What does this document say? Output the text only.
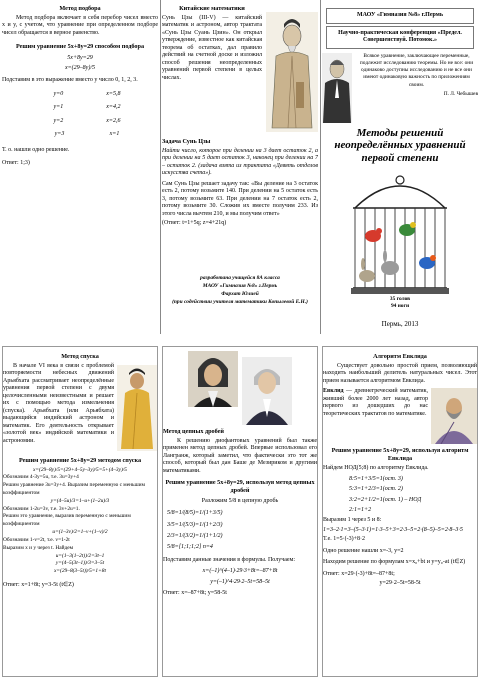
Метод подбора
Метод подбора включает в себя перебор чисел вместо х и у, с учетом, что уравнение при определенном подборе чисел обращается в верное равенство.
Решим уравнение 5х+8у=29 способом подбора
5х+8у=29
x=(29–8y)/5
Подставим в это выражение вместо у число 0, 1, 2, 3.
y=0	x=5,8
y=1	x=4,2
y=2	x=2,6
y=3	x=1
Т. о. нашли одно решение.
Ответ: 1;3)
Китайские математики
Сунь Цзы (III-V) — китайский математик и астроном, автор трактата «Сунь Цзы Суань Цзин». Он открыл утверждение, известное как китайская теорема об остатках, дал правило действий на счетной доске и изложил способ решения неопределенных уравнений первой степени в целых числах.
Задача Сунь Цзы
Найти число, которое при делении на 3 дает остаток 2, а при делении на 5 дает остаток 3, наконец при делении на 7 – остаток 2. (задача взята из трактата «Девять отделов искусства счета»).
Сам Сунь Цзы решает задачу так: «Вы деление на 3 остаток есть 2, потому возьмите 140. При делении на 5 остаток есть 3, потому возьмите 63. При делении на 7 остаток есть 2, потому возьмите 30. Сложив их вместе получим 233. Из этого числа вычтем 210, и мы получим ответ»
(Ответ: t=1+5q; z=4+21q)
разработана учащейся 8А класса
МАОУ «Гимназия №8» г.Пермь
Фархат Юлией
(при содействии учителя математики Копылевой Е.Н.)
МАОУ «Гимназия №8» г.Пермь
Научно-практическая конференция «Предел. Совершенствуй. Потомок.»
Всякое уравнение, заключающее переменные, подлежит исследованию теоремы. Но не все: они одинаково доступны исследованию и не все они имеют одинаковую важность по приложениям своим.
П. Л. Чебышев
Методы решений неопределённых уравнений первой степени
35 голов
94 ноги
Пермь, 2013
Метод спуска
В начале VI века в связи с проблемой повторяемости небесных движений Арьябхата рассматривает неопределённые уравнения первой степени с двумя целочисленными неизвестными и решает их с помощью метода измельчения (спуска). Арьябхата (или Арьябхата) выдающийся индийский астроном и математик. Его деятельность открывает «золотой век» индийской математики и астрономии.
Решим уравнение 5х+8у=29 методом спуска
x=(29–8y)/5=(29+4–5y–3y)/5=5+(4–3y)/5
Обозначим 4-3у=5u, т.е. 3u=3у+4
Решим уравнение 3u=3у+4. Выразим переменную с меньшим коэффициентом
y=(4–5u)/3=1–u+(1–2u)/3
Обозначим 1-2u=3v, т.е. 3v+2u=1.
Решим это уравнение, выразив переменную с меньшим коэффициентом
u=(1–3v)/2=1–v+(1–v)/2
Обозначим 1-v=2t, т.е. v=1-2t
Выразим x и у через t. Найдем
u=(1–3(1–2t))/2=3t–1
y=(4–5(3t–1))/3=3–5t
x=(29–8(3–5t))/5=1+8t
Ответ: x=1+8t; y=3-5t (t∈Z)
Метод цепных дробей
К решению диофантовых уравнений был также применен метод цепных дробей. Впервые использовал его Лангранж, который заметил, что фактически это тот же способ, который был дан Баше де Мезириком и другими математиками.
Решим уравнение 5х+8у=29, используя метод цепных дробей
Разложим 5/8 в цепную дробь
5/8=1/(8/5)=1/(1+3/5)
3/5=1/(5/3)=1/(1+2/3)
2/3=1/(3/2)=1/(1+1/2)
5/8=[1;1;1;2] n=4
Подставим данные значения в формулы. Получаем:
x=(–1)^(4–1)·29·3+8t=–87+8t
y=(–1)^4·29·2–5t=58–5t
Ответ: x=–87+8t; y=58-5t
Алгоритм Евклида
Существует довольно простой прием, позволяющий находить наибольший делитель натуральных чисел. Этот прием называется алгоритмом Евклида.
Евклид — древнегреческий математик, живший более 2000 лет назад, автор первого из дошедших до нас теоретических трактатов по математике.
Решим уравнение 5х+8у=29, используя алгоритм Евклида
Найдем НОД(5;8) по алгоритму Евклида.
8:5=1+3/5=1(ост. 3)
5:3=1+2/3=1(ост. 2)
3:2=2+1/2=1(ост. 1) – НОД
2:1=1+2
Выразим 1 через 5 и 8:
1=3–2·1=3–(5–3·1)=1·3–5+3=2·3–5=2·(8–5)–5=2·8–3·5
Т.е. 1=5·(-3)+8·2
Одно решение нашли x=-3, y=2
Находим решение по формулам x=x₀+bt и y=y₀-at (t∈Z)
Ответ: x=29·(-3)+8t=–87+8t;
y=29·2–5t=58-5t
